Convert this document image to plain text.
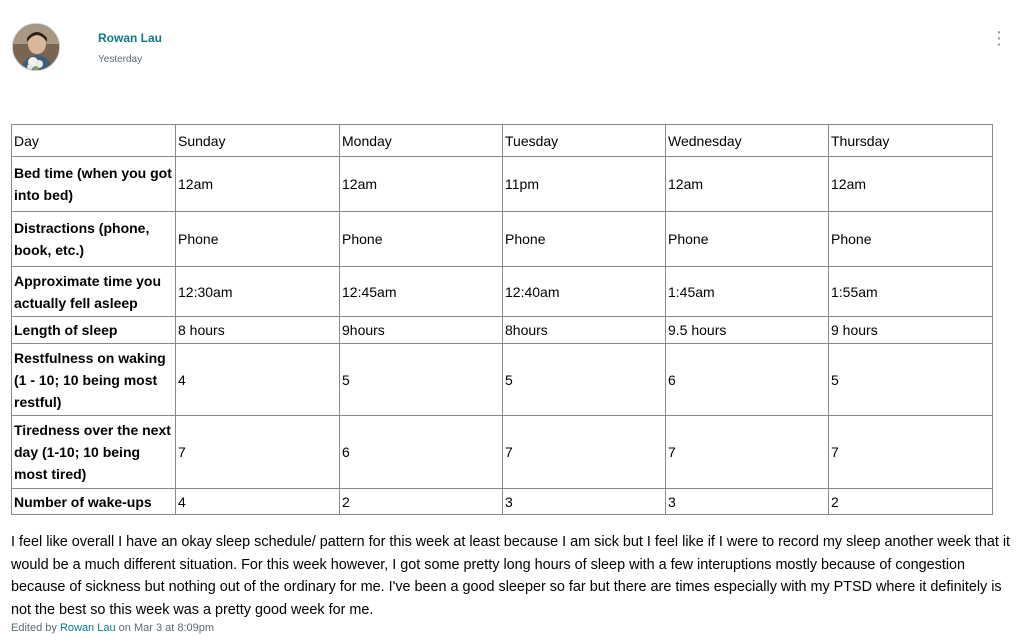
Rowan Lau
Yesterday
⋮
Day	Sunday	Monday	Tuesday	Wednesday	Thursday
Bed time (when you got into bed)	12am	12am	11pm	12am	12am
Distractions (phone, book, etc.)	Phone	Phone	Phone	Phone	Phone
Approximate time you actually fell asleep	12:30am	12:45am	12:40am	1:45am	1:55am
Length of sleep	8 hours	9hours	8hours	9.5 hours	9 hours
Restfulness on waking (1 - 10; 10 being most restful)	4	5	5	6	5
Tiredness over the next day (1-10; 10 being most tired)	7	6	7	7	7
Number of wake-ups	4	2	3	3	2

I feel like overall I have an okay sleep schedule/ pattern for this week at least because I am sick but I feel like if I were to record my sleep another week that it would be a much different situation. For this week however, I got some pretty long hours of sleep with a few interuptions mostly because of congestion because of sickness but nothing out of the ordinary for me. I've been a good sleeper so far but there are times especially with my PTSD where it definitely is not the best so this week was a pretty good week for me.

Edited by Rowan Lau on Mar 3 at 8:09pm
